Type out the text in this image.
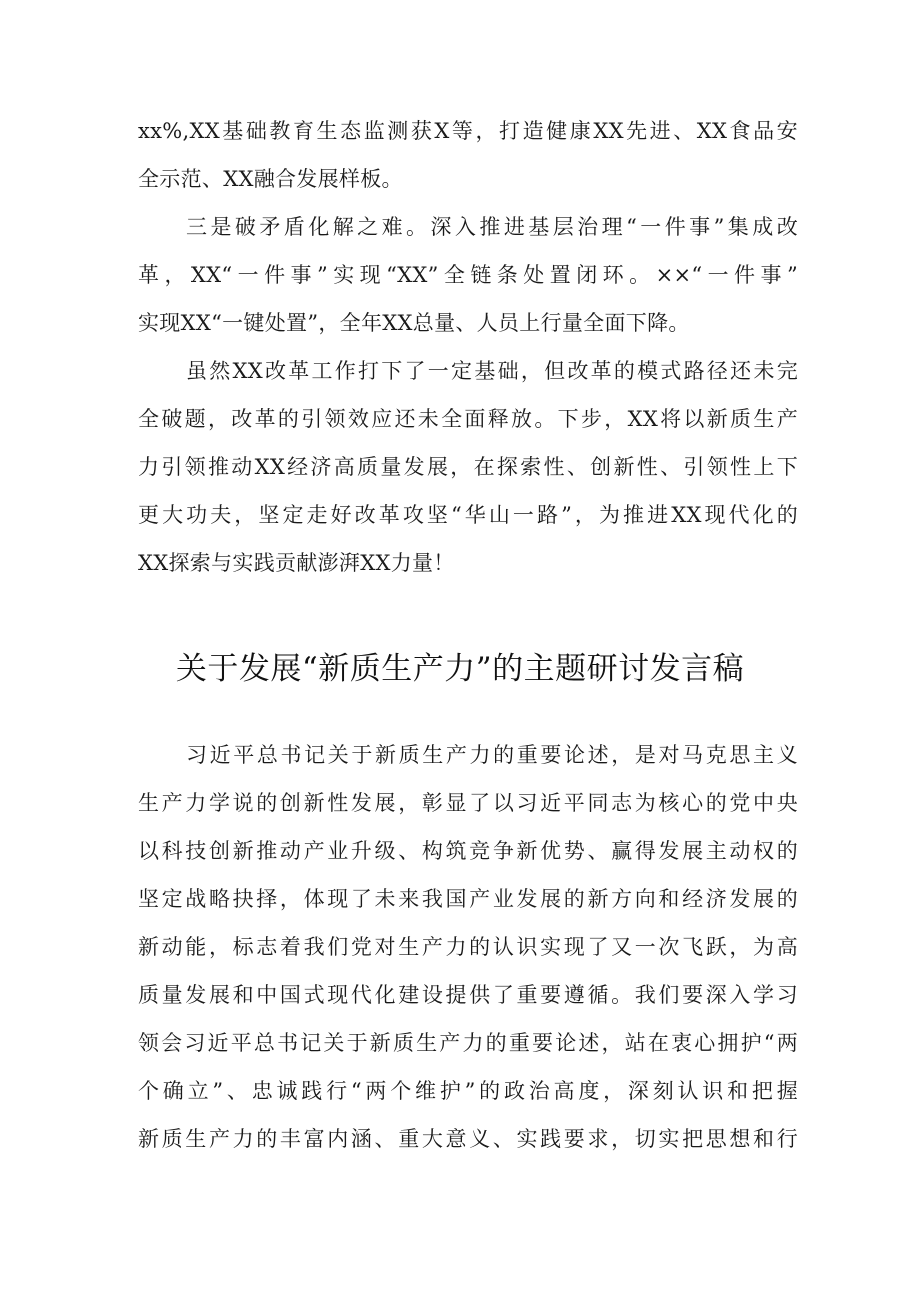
xx%,XX基础教育生态监测获X等，打造健康XX先进、XX食品安
全示范、XX融合发展样板。
三是破矛盾化解之难。深入推进基层治理“一件事”集成改
革，XX“一件事”实现“XX”全链条处置闭环。××“一件事”
实现XX“一键处置”，全年XX总量、人员上行量全面下降。
虽然XX改革工作打下了一定基础，但改革的模式路径还未完
全破题，改革的引领效应还未全面释放。下步，XX将以新质生产
力引领推动XX经济高质量发展，在探索性、创新性、引领性上下
更大功夫，坚定走好改革攻坚“华山一路”，为推进XX现代化的
XX探索与实践贡献澎湃XX力量！
关于发展“新质生产力”的主题研讨发言稿
习近平总书记关于新质生产力的重要论述，是对马克思主义
生产力学说的创新性发展，彰显了以习近平同志为核心的党中央
以科技创新推动产业升级、构筑竞争新优势、赢得发展主动权的
坚定战略抉择，体现了未来我国产业发展的新方向和经济发展的
新动能，标志着我们党对生产力的认识实现了又一次飞跃，为高
质量发展和中国式现代化建设提供了重要遵循。我们要深入学习
领会习近平总书记关于新质生产力的重要论述，站在衷心拥护“两
个确立”、忠诚践行“两个维护”的政治高度，深刻认识和把握
新质生产力的丰富内涵、重大意义、实践要求，切实把思想和行
